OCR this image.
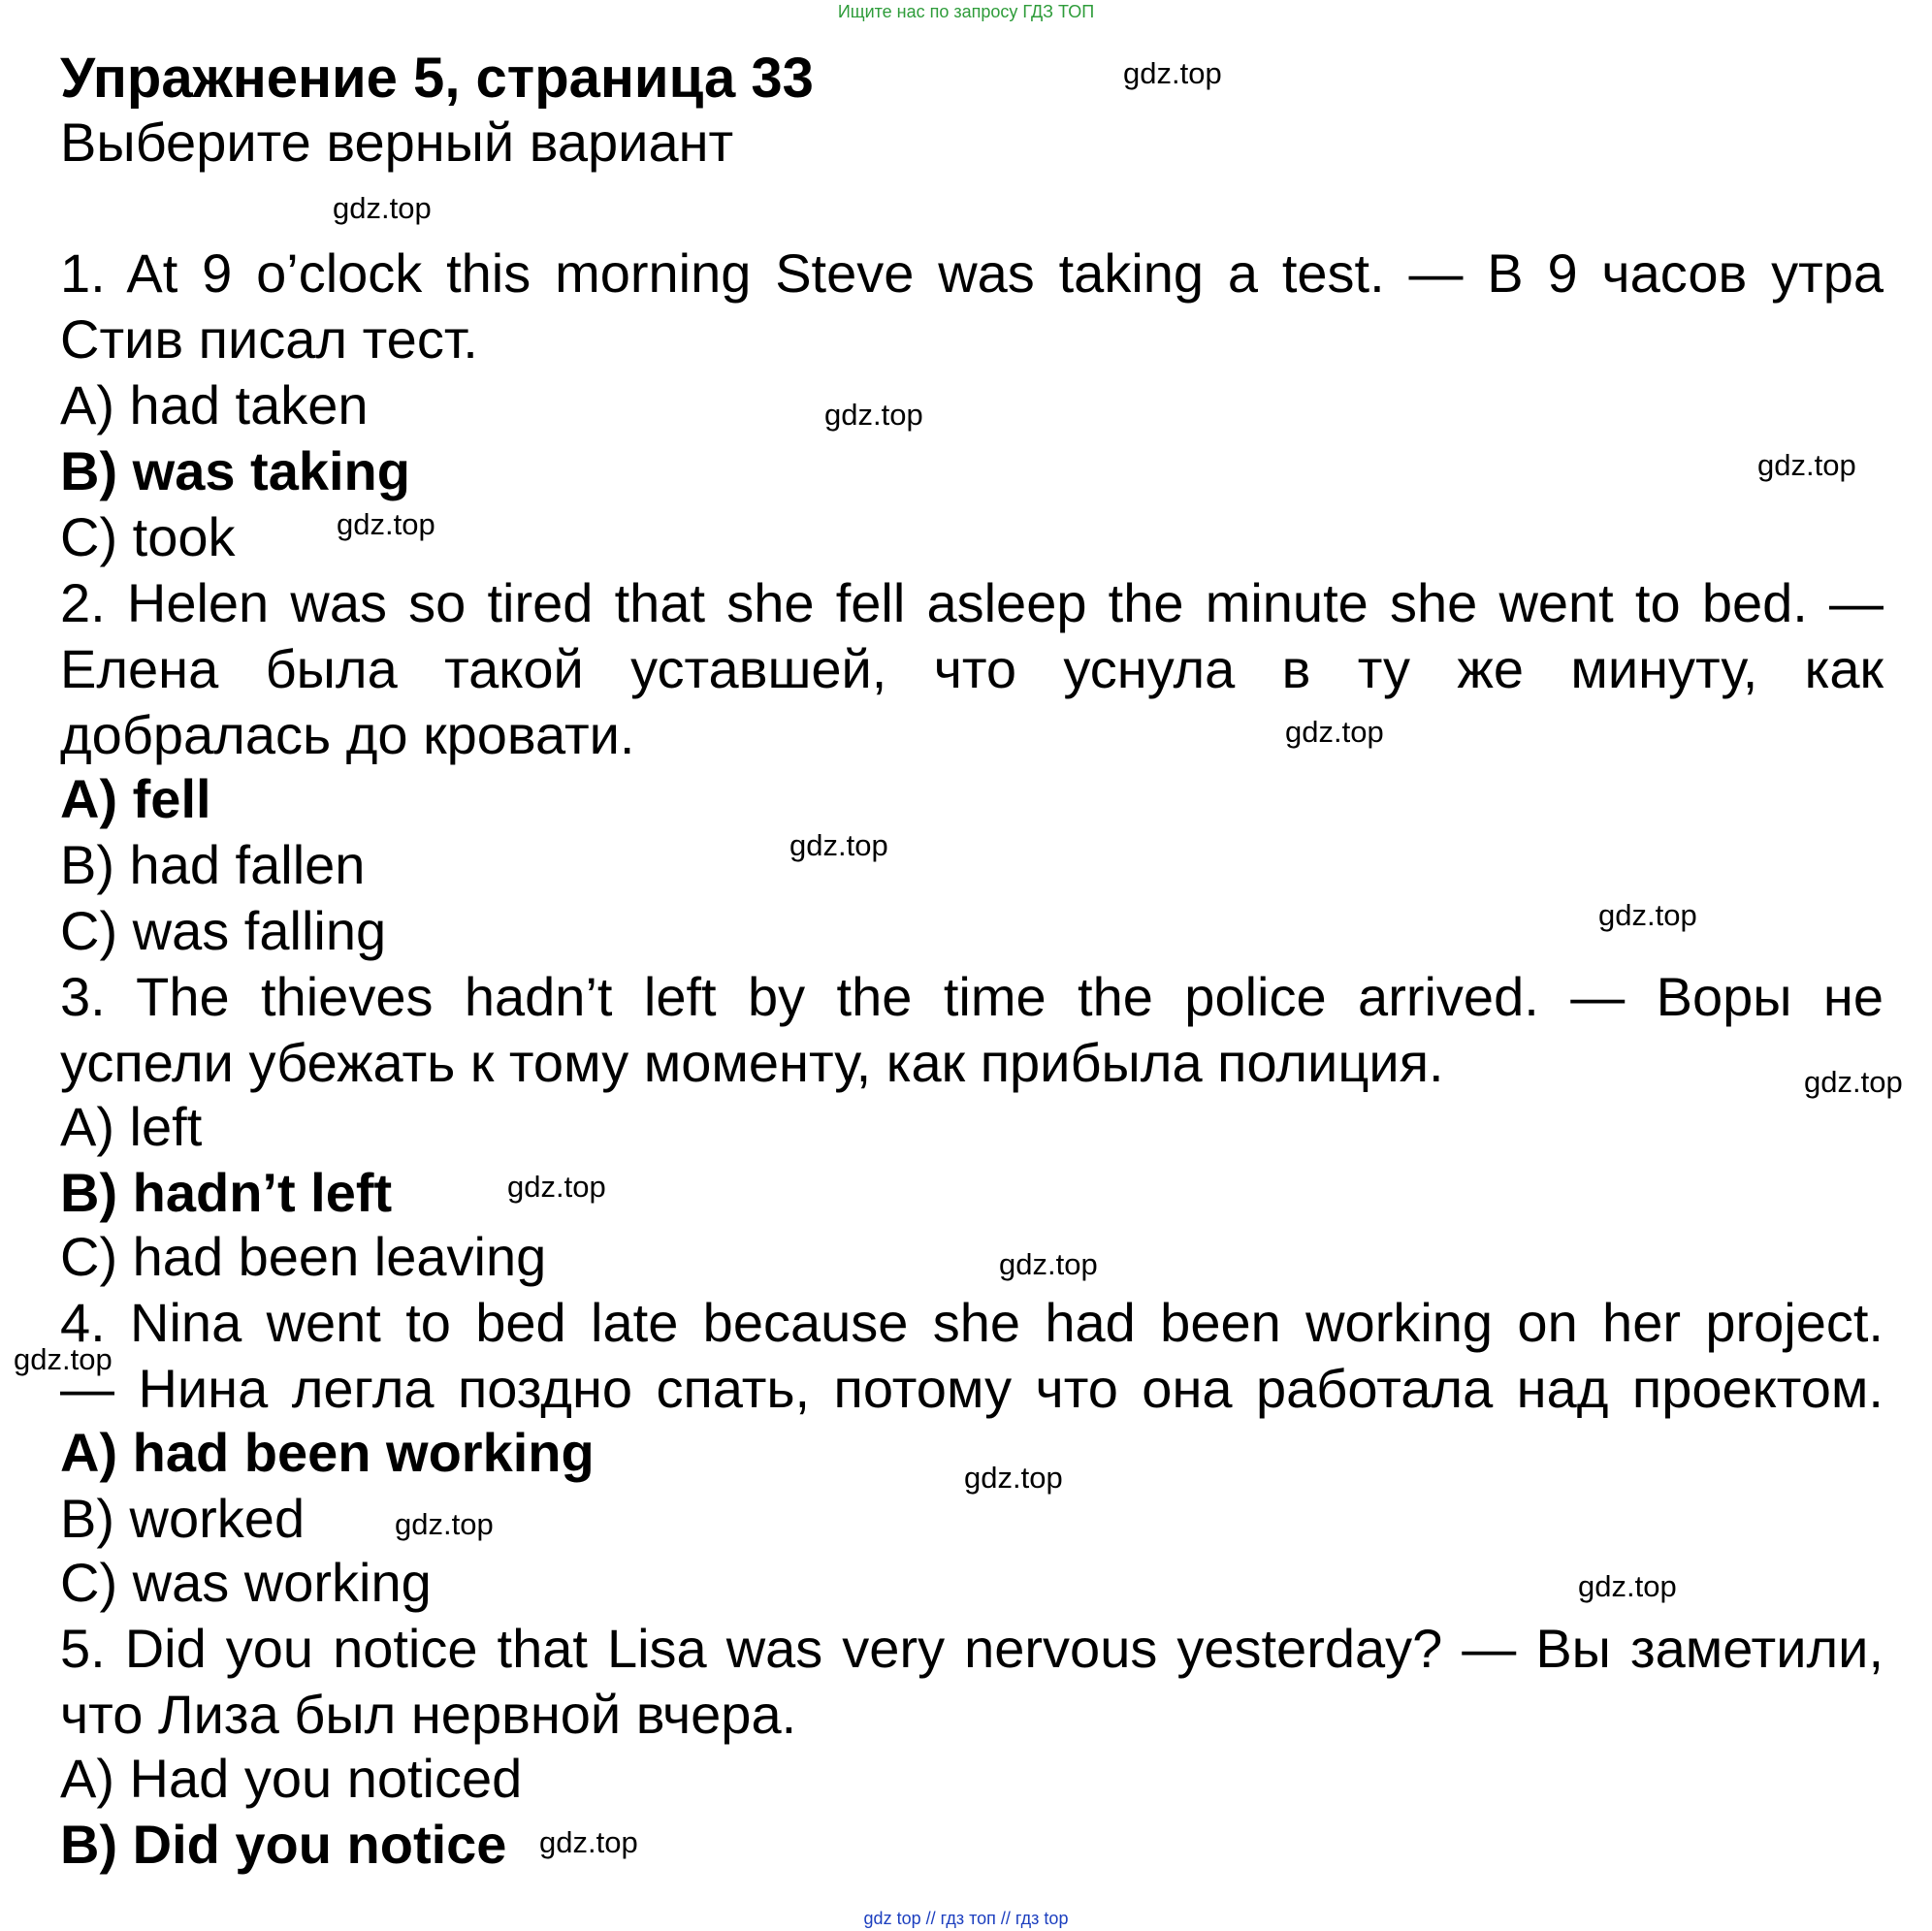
Ищите нас по запросу ГДЗ ТОП
Упражнение 5, страница 33
Выберите верный вариант
1. At 9 o’clock this morning Steve was taking a test. — В 9 часов утра
Стив писал тест.
A) had taken
B) was taking
C) took
2. Helen was so tired that she fell asleep the minute she went to bed. —
Елена была такой уставшей, что уснула в ту же минуту, как
добралась до кровати.
A) fell
B) had fallen
C) was falling
3. The thieves hadn’t left by the time the police arrived. — Воры не
успели убежать к тому моменту, как прибыла полиция.
A) left
B) hadn’t left
C) had been leaving
4. Nina went to bed late because she had been working on her project.
— Нина легла поздно спать, потому что она работала над проектом.
A) had been working
B) worked
C) was working
5. Did you notice that Lisa was very nervous yesterday? — Вы заметили,
что Лиза был нервной вчера.
A) Had you noticed
B) Did you notice
gdz.top
gdz.top
gdz.top
gdz.top
gdz.top
gdz.top
gdz.top
gdz.top
gdz.top
gdz.top
gdz.top
gdz.top
gdz.top
gdz.top
gdz.top
gdz.top
gdz top // гдз топ // гдз top
